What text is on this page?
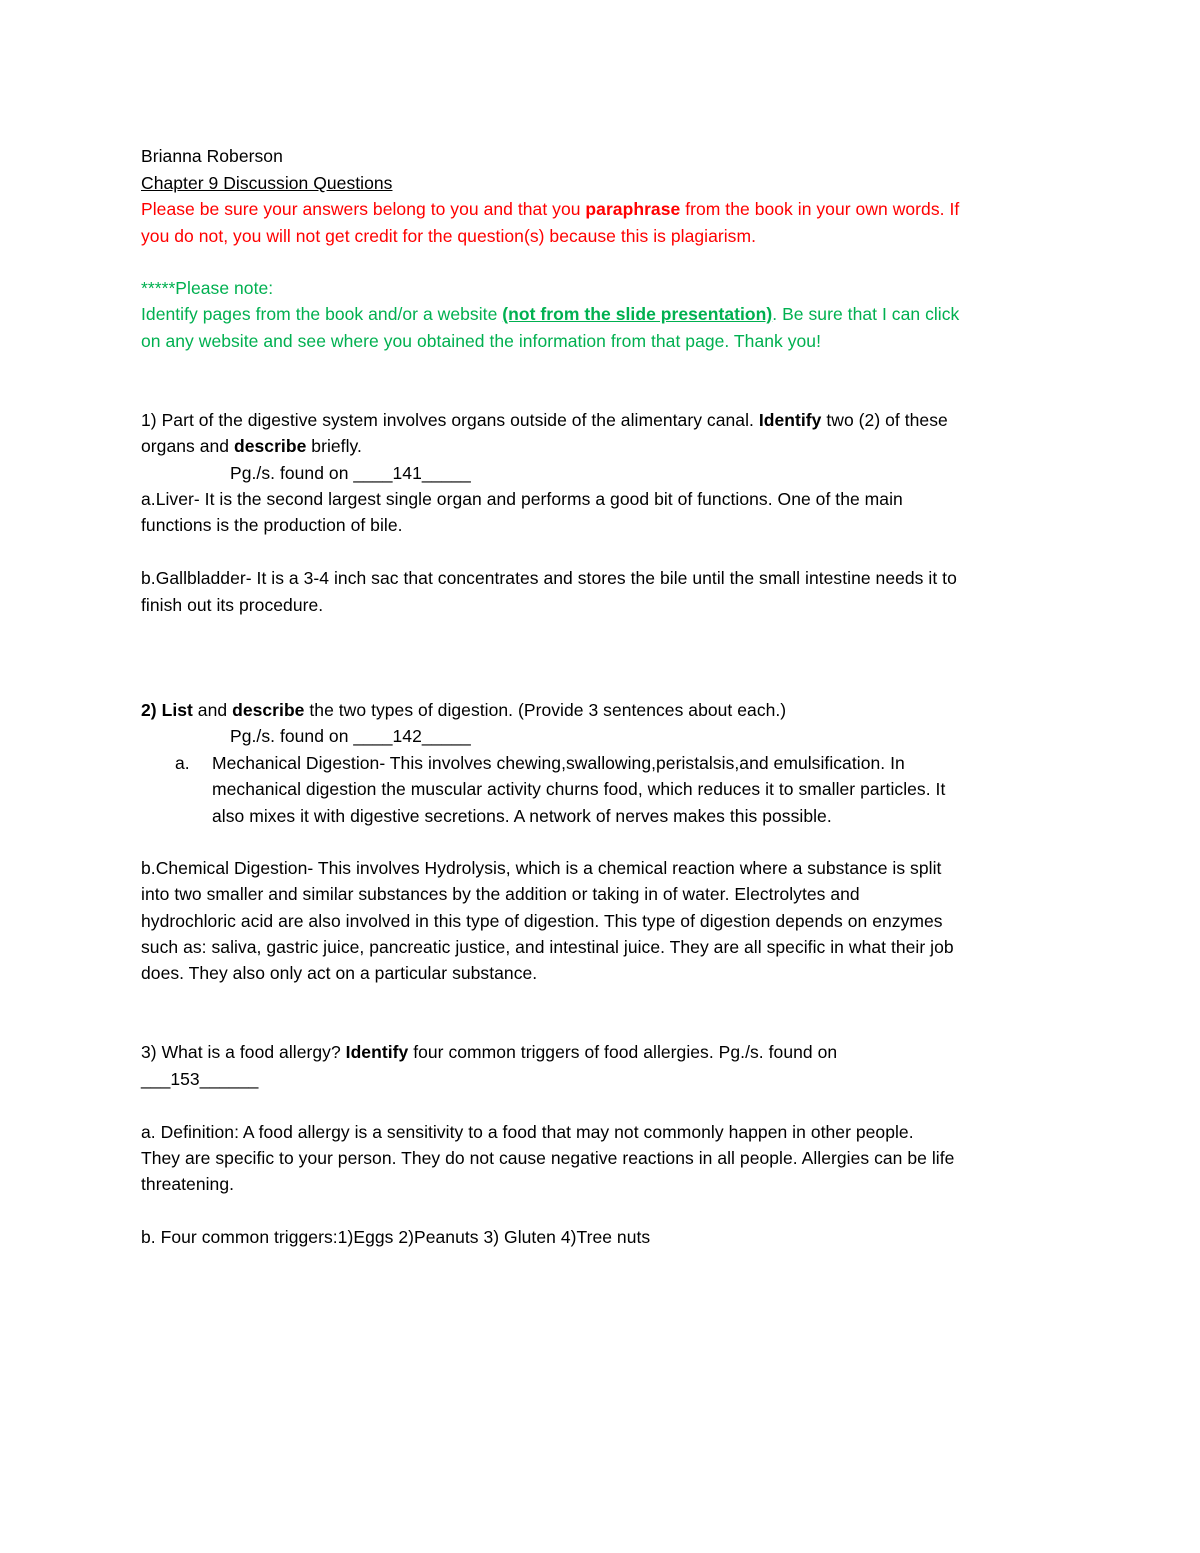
Brianna Roberson
Chapter 9 Discussion Questions
Please be sure your answers belong to you and that you paraphrase from the book in your own words. If
you do not, you will not get credit for the question(s) because this is plagiarism.
*****Please note:
Identify pages from the book and/or a website (not from the slide presentation). Be sure that I can click
on any website and see where you obtained the information from that page. Thank you!
1) Part of the digestive system involves organs outside of the alimentary canal. Identify two (2) of these
organs and describe briefly.
Pg./s. found on ____141_____
a.Liver- It is the second largest single organ and performs a good bit of functions. One of the main
functions is the production of bile.
b.Gallbladder- It is a 3-4 inch sac that concentrates and stores the bile until the small intestine needs it to
finish out its procedure.
2) List and describe the two types of digestion. (Provide 3 sentences about each.)
Pg./s. found on ____142_____
a. Mechanical Digestion- This involves chewing,swallowing,peristalsis,and emulsification. In
mechanical digestion the muscular activity churns food, which reduces it to smaller particles. It
also mixes it with digestive secretions. A network of nerves makes this possible.
b.Chemical Digestion- This involves Hydrolysis, which is a chemical reaction where a substance is split
into two smaller and similar substances by the addition or taking in of water. Electrolytes and
hydrochloric acid are also involved in this type of digestion. This type of digestion depends on enzymes
such as: saliva, gastric juice, pancreatic justice, and intestinal juice. They are all specific in what their job
does. They also only act on a particular substance.
3) What is a food allergy? Identify four common triggers of food allergies. Pg./s. found on
___153______
a. Definition: A food allergy is a sensitivity to a food that may not commonly happen in other people.
They are specific to your person. They do not cause negative reactions in all people. Allergies can be life
threatening.
b. Four common triggers:1)Eggs 2)Peanuts 3) Gluten 4)Tree nuts
